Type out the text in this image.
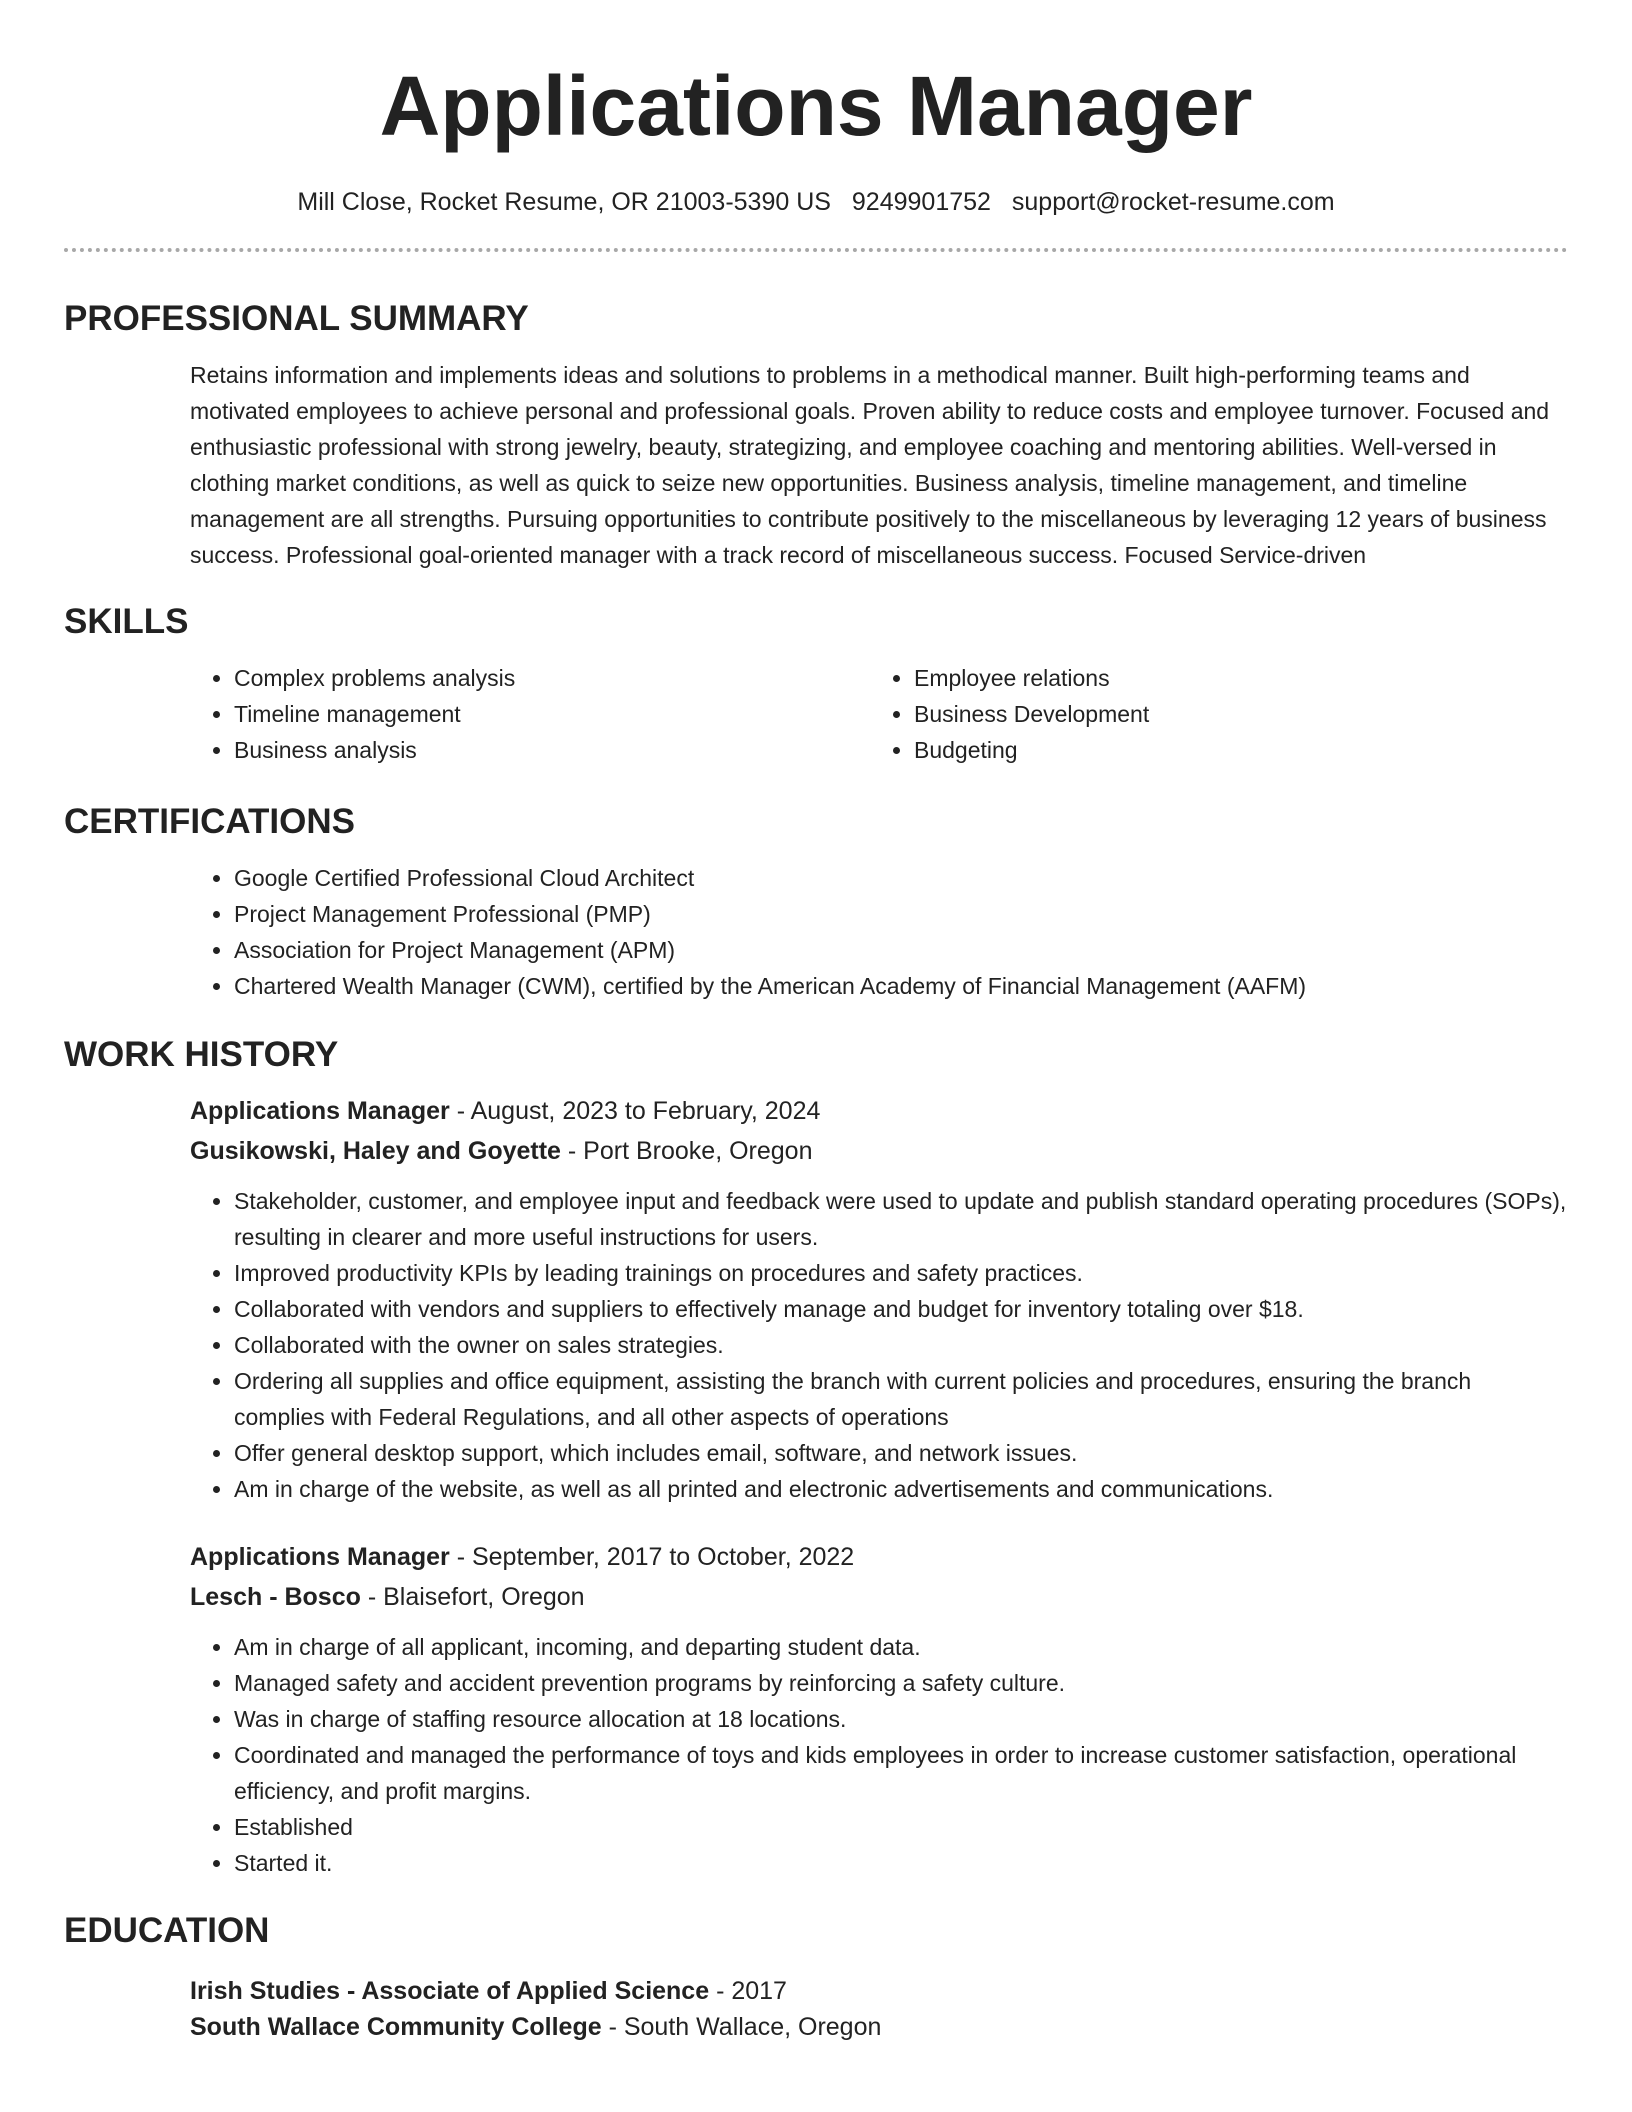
Applications Manager
Mill Close, Rocket Resume, OR 21003-5390 US 9249901752 support@rocket-resume.com
PROFESSIONAL SUMMARY

Retains information and implements ideas and solutions to problems in a methodical manner. Built high-performing teams and motivated employees to achieve personal and professional goals. Proven ability to reduce costs and employee turnover. Focused and enthusiastic professional with strong jewelry, beauty, strategizing, and employee coaching and mentoring abilities. Well-versed in clothing market conditions, as well as quick to seize new opportunities. Business analysis, timeline management, and timeline management are all strengths. Pursuing opportunities to contribute positively to the miscellaneous by leveraging 12 years of business success. Professional goal-oriented manager with a track record of miscellaneous success. Focused Service-driven

SKILLS
• Complex problems analysis
• Timeline management
• Business analysis
• Employee relations
• Business Development
• Budgeting
CERTIFICATIONS
• Google Certified Professional Cloud Architect
• Project Management Professional (PMP)
• Association for Project Management (APM)
• Chartered Wealth Manager (CWM), certified by the American Academy of Financial Management (AAFM)
WORK HISTORY
Applications Manager - August, 2023 to February, 2024
Gusikowski, Haley and Goyette - Port Brooke, Oregon
• Stakeholder, customer, and employee input and feedback were used to update and publish standard operating procedures (SOPs), resulting in clearer and more useful instructions for users.
• Improved productivity KPIs by leading trainings on procedures and safety practices.
• Collaborated with vendors and suppliers to effectively manage and budget for inventory totaling over $18.
• Collaborated with the owner on sales strategies.
• Ordering all supplies and office equipment, assisting the branch with current policies and procedures, ensuring the branch complies with Federal Regulations, and all other aspects of operations
• Offer general desktop support, which includes email, software, and network issues.
• Am in charge of the website, as well as all printed and electronic advertisements and communications.
Applications Manager - September, 2017 to October, 2022
Lesch - Bosco - Blaisefort, Oregon
• Am in charge of all applicant, incoming, and departing student data.
• Managed safety and accident prevention programs by reinforcing a safety culture.
• Was in charge of staffing resource allocation at 18 locations.
• Coordinated and managed the performance of toys and kids employees in order to increase customer satisfaction, operational efficiency, and profit margins.
• Established
• Started it.
EDUCATION
Irish Studies - Associate of Applied Science - 2017
South Wallace Community College - South Wallace, Oregon
